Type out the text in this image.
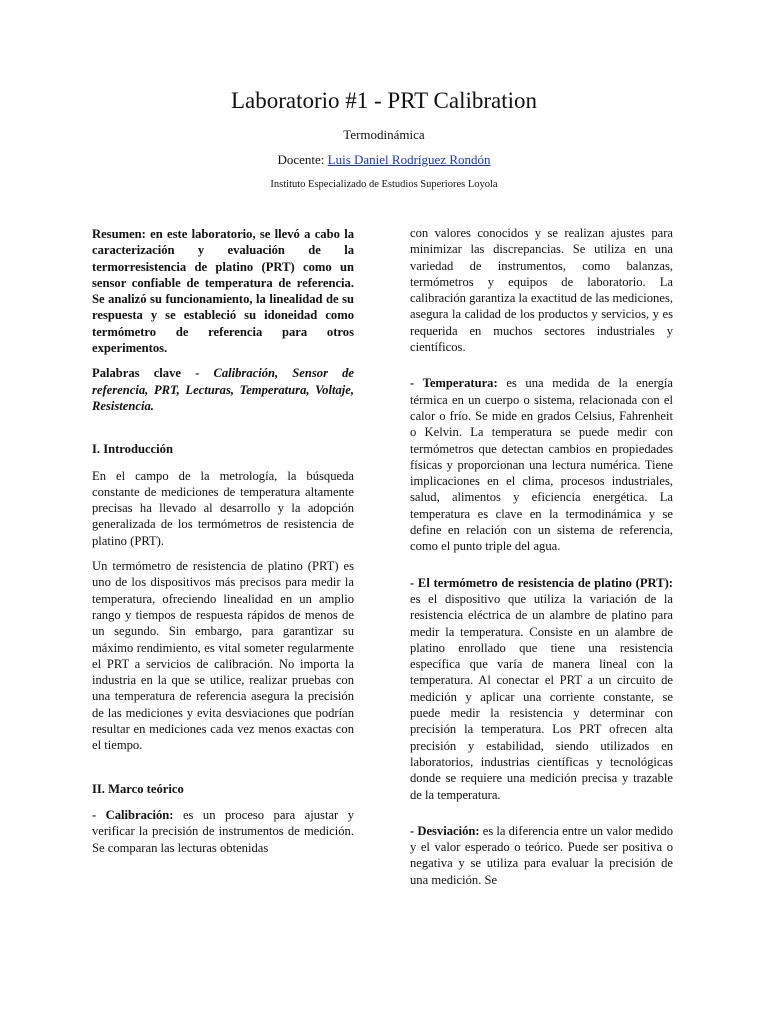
Laboratorio #1 - PRT Calibration
Termodinámica
Docente: Luis Daniel Rodríguez Rondón
Instituto Especializado de Estudios Superiores Loyola

Resumen: en este laboratorio, se llevó a cabo la caracterización y evaluación de la termorresistencia de platino (PRT) como un sensor confiable de temperatura de referencia. Se analizó su funcionamiento, la linealidad de su respuesta y se estableció su idoneidad como termómetro de referencia para otros experimentos.

Palabras clave - Calibración, Sensor de referencia, PRT, Lecturas, Temperatura, Voltaje, Resistencia.

I. Introducción

En el campo de la metrología, la búsqueda constante de mediciones de temperatura altamente precisas ha llevado al desarrollo y la adopción generalizada de los termómetros de resistencia de platino (PRT).

Un termómetro de resistencia de platino (PRT) es uno de los dispositivos más precisos para medir la temperatura, ofreciendo linealidad en un amplio rango y tiempos de respuesta rápidos de menos de un segundo. Sin embargo, para garantizar su máximo rendimiento, es vital someter regularmente el PRT a servicios de calibración. No importa la industria en la que se utilice, realizar pruebas con una temperatura de referencia asegura la precisión de las mediciones y evita desviaciones que podrían resultar en mediciones cada vez menos exactas con el tiempo.

II. Marco teórico

- Calibración: es un proceso para ajustar y verificar la precisión de instrumentos de medición. Se comparan las lecturas obtenidas

con valores conocidos y se realizan ajustes para minimizar las discrepancias. Se utiliza en una variedad de instrumentos, como balanzas, termómetros y equipos de laboratorio. La calibración garantiza la exactitud de las mediciones, asegura la calidad de los productos y servicios, y es requerida en muchos sectores industriales y científicos.

- Temperatura: es una medida de la energía térmica en un cuerpo o sistema, relacionada con el calor o frío. Se mide en grados Celsius, Fahrenheit o Kelvin. La temperatura se puede medir con termómetros que detectan cambios en propiedades físicas y proporcionan una lectura numérica. Tiene implicaciones en el clima, procesos industriales, salud, alimentos y eficiencia energética. La temperatura es clave en la termodinámica y se define en relación con un sistema de referencia, como el punto triple del agua.

- El termómetro de resistencia de platino (PRT): es el dispositivo que utiliza la variación de la resistencia eléctrica de un alambre de platino para medir la temperatura. Consiste en un alambre de platino enrollado que tiene una resistencia específica que varía de manera lineal con la temperatura. Al conectar el PRT a un circuito de medición y aplicar una corriente constante, se puede medir la resistencia y determinar con precisión la temperatura. Los PRT ofrecen alta precisión y estabilidad, siendo utilizados en laboratorios, industrias científicas y tecnológicas donde se requiere una medición precisa y trazable de la temperatura.

- Desviación: es la diferencia entre un valor medido y el valor esperado o teórico. Puede ser positiva o negativa y se utiliza para evaluar la precisión de una medición. Se
